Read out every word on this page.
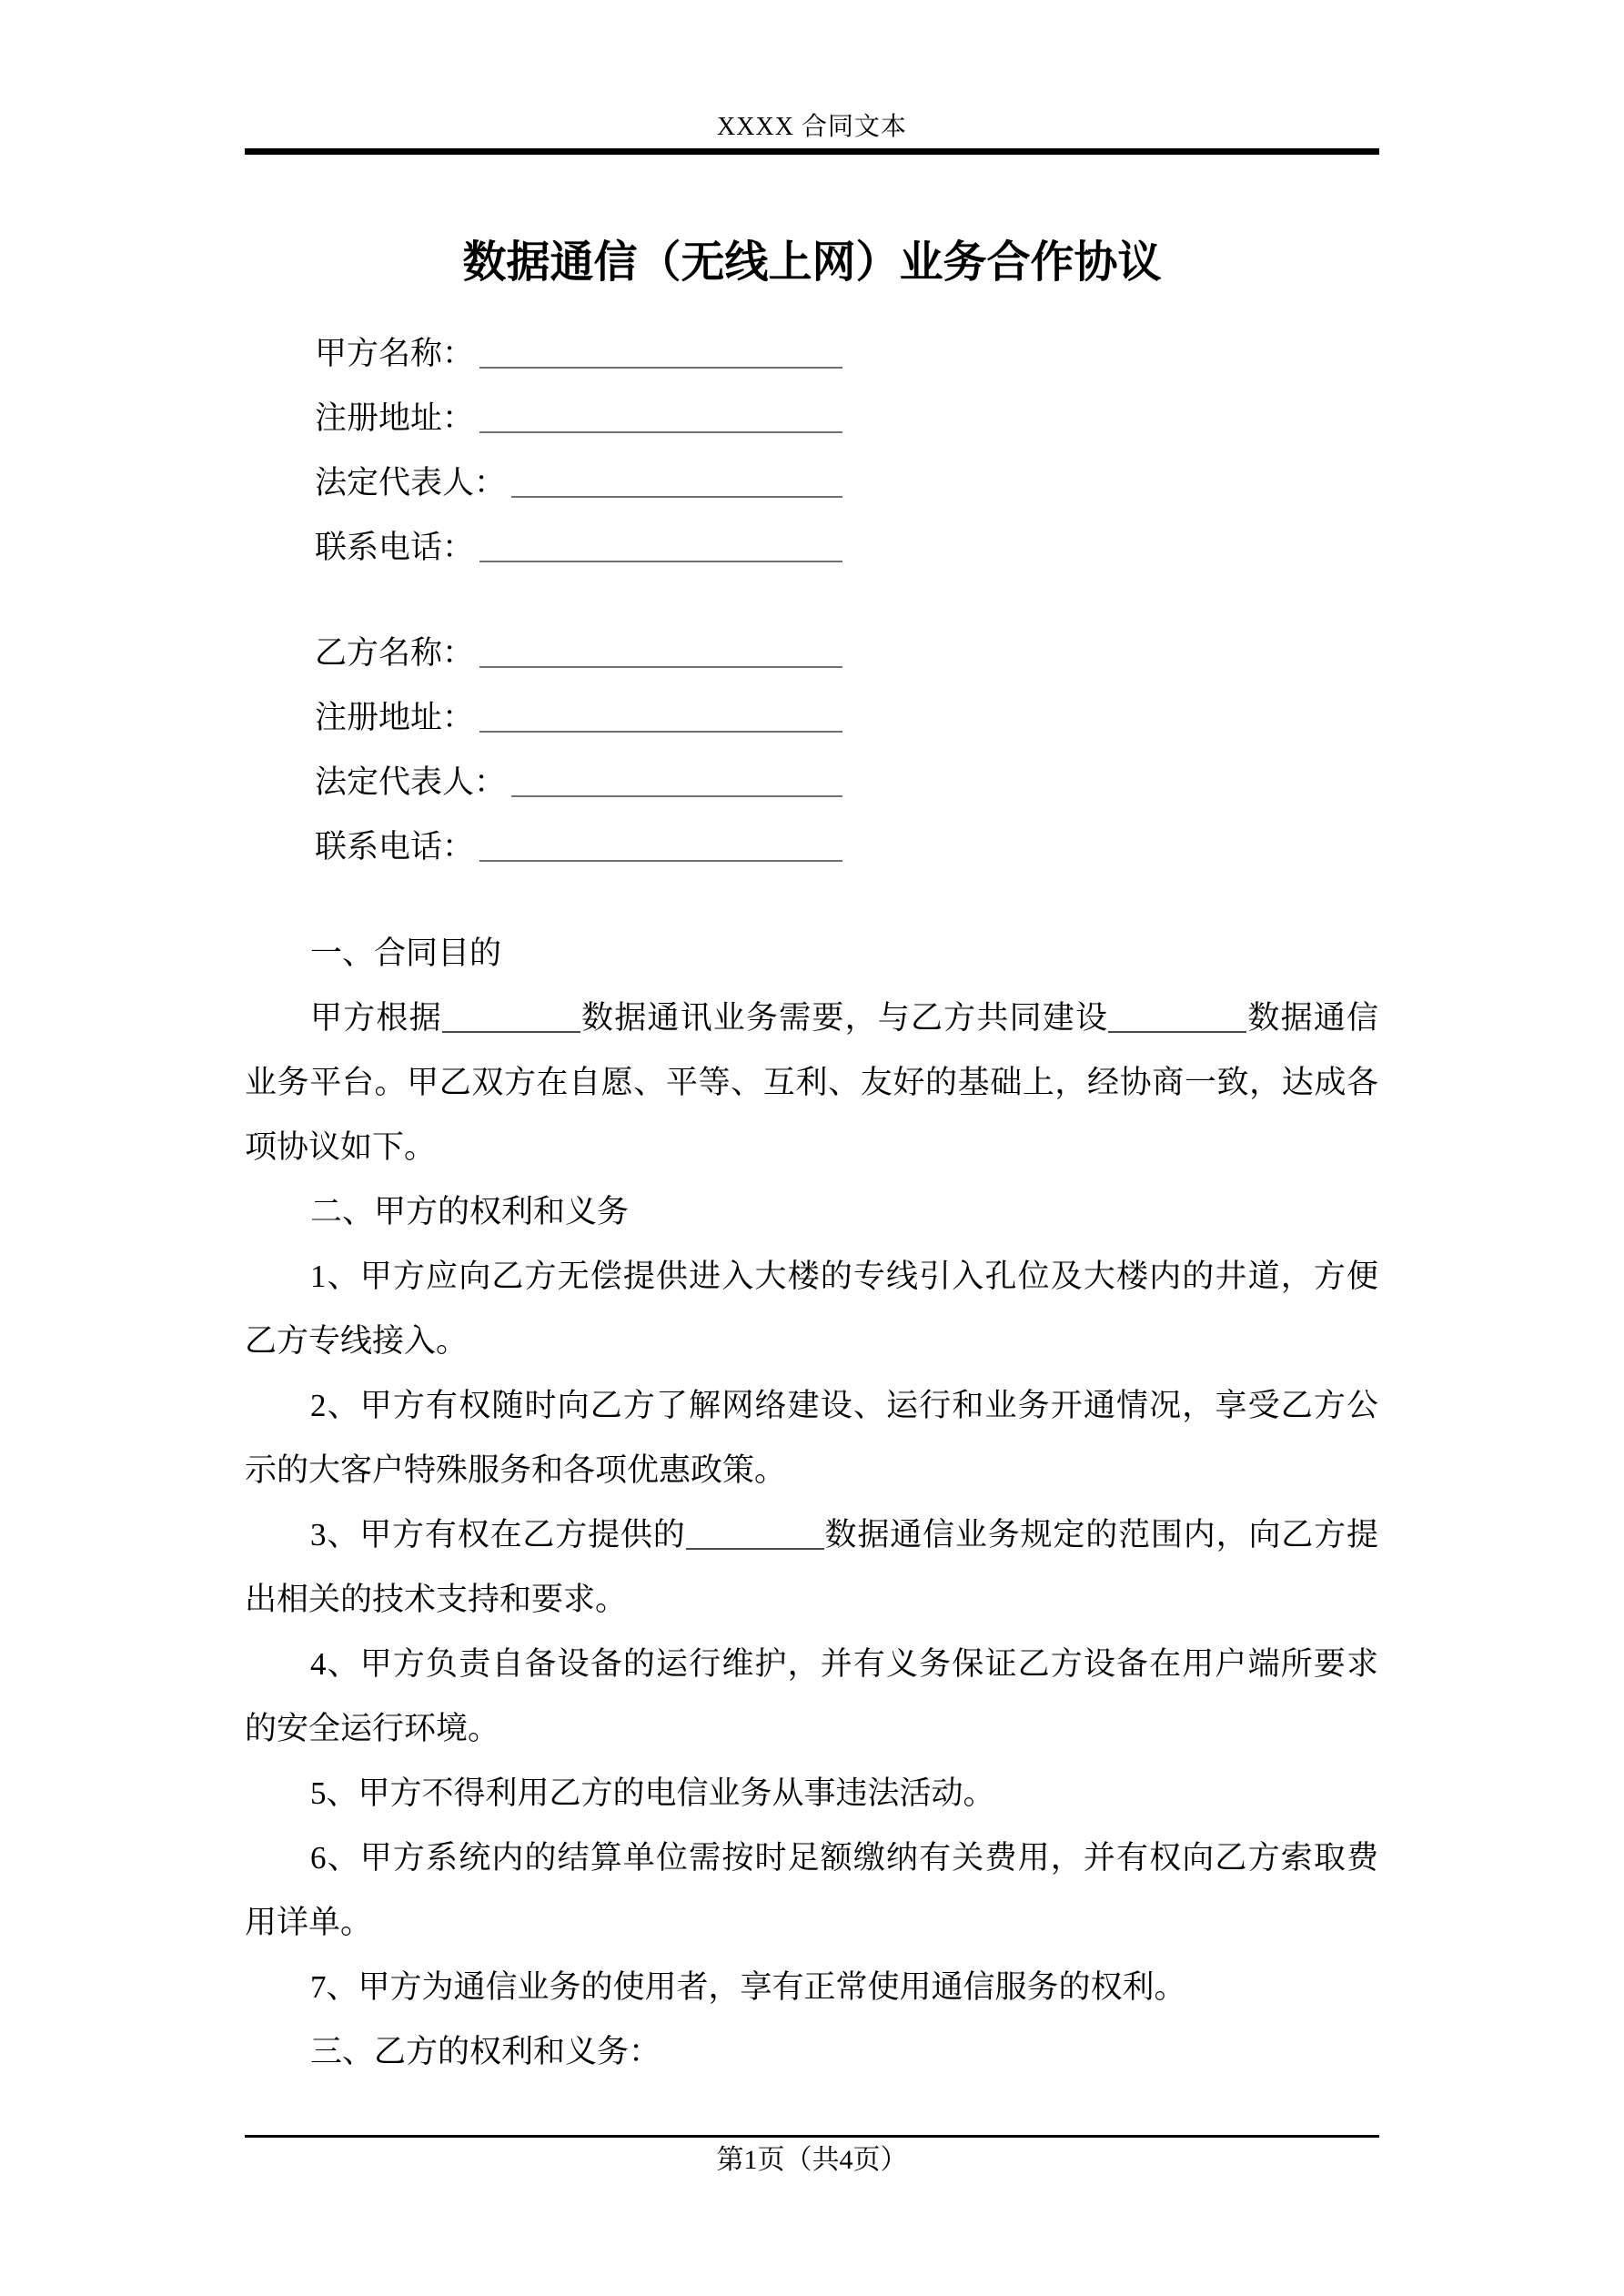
XXXX 合同文本
数据通信（无线上网）业务合作协议
甲方名称：
注册地址：
法定代表人：
联系电话：
乙方名称：
注册地址：
法定代表人：
联系电话：
一、合同目的
甲方根据	数据通讯业务需要，与乙方共同建设	数据通信
业务平台。甲乙双方在自愿、平等、互利、友好的基础上，经协商一致，达成各
项协议如下。
二、甲方的权利和义务
1、甲方应向乙方无偿提供进入大楼的专线引入孔位及大楼内的井道，方便
乙方专线接入。
2、甲方有权随时向乙方了解网络建设、运行和业务开通情况，享受乙方公
示的大客户特殊服务和各项优惠政策。
3、甲方有权在乙方提供的	数据通信业务规定的范围内，向乙方提
出相关的技术支持和要求。
4、甲方负责自备设备的运行维护，并有义务保证乙方设备在用户端所要求
的安全运行环境。
5、甲方不得利用乙方的电信业务从事违法活动。
6、甲方系统内的结算单位需按时足额缴纳有关费用，并有权向乙方索取费
用详单。
7、甲方为通信业务的使用者，享有正常使用通信服务的权利。
三、乙方的权利和义务：
第1页（共4页）
